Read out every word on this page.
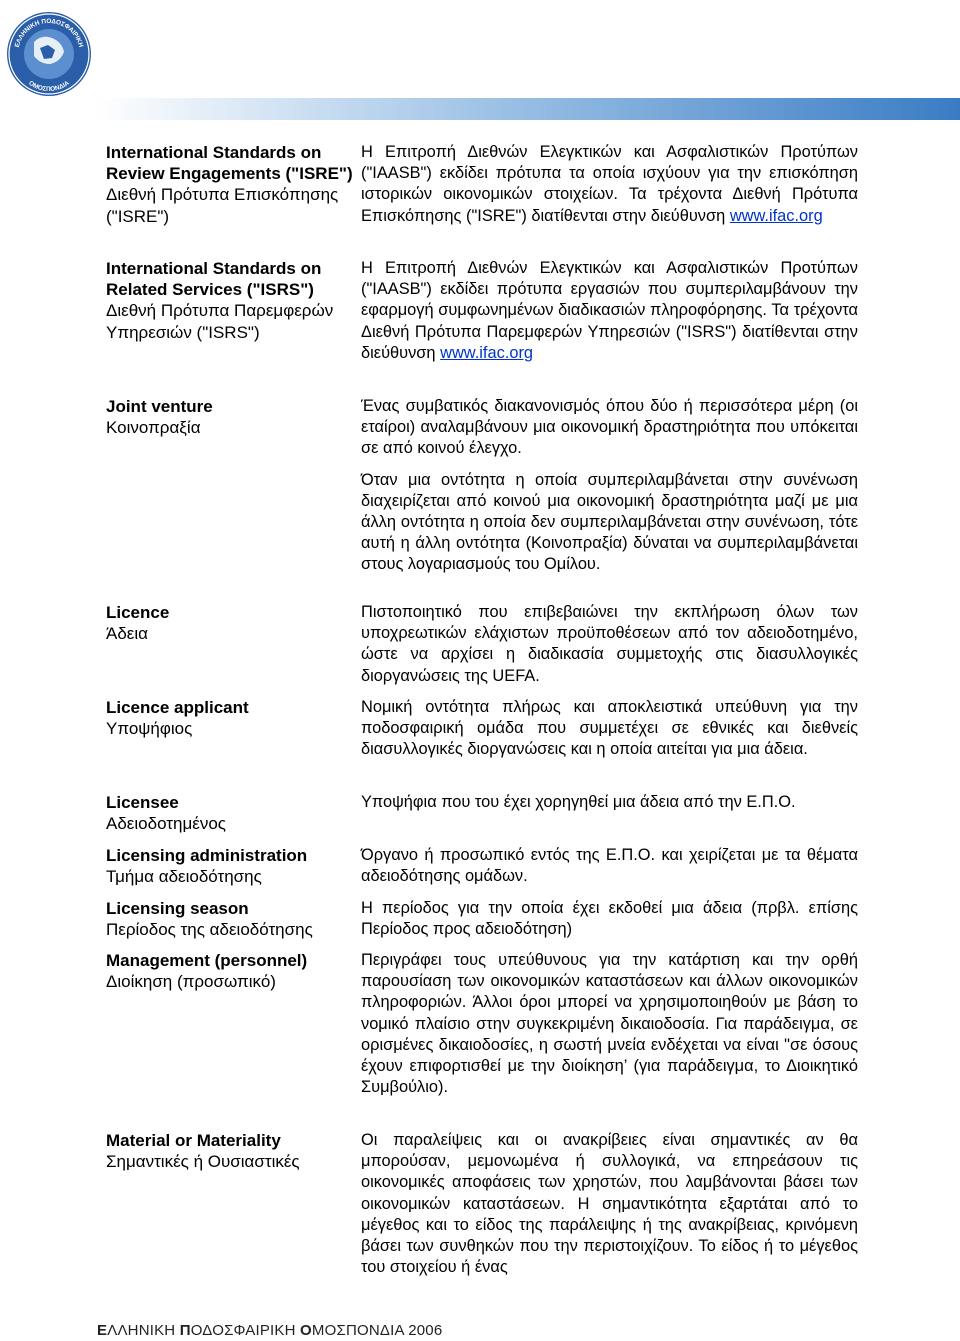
ΕΛΛΗΝΙΚΗ ΠΟΔΟΣΦΑΙΡΙΚΗ
ΟΜΟΣΠΟΝΔΙΑ
International Standards on Review Engagements ("ISRE")
Διεθνή Πρότυπα Επισκόπησης ("ISRE")

Η Επιτροπή Διεθνών Ελεγκτικών και Ασφαλιστικών Προτύπων ("IAASB") εκδίδει πρότυπα τα οποία ισχύουν για την επισκόπηση ιστορικών οικονομικών στοιχείων. Τα τρέχοντα Διεθνή Πρότυπα Επισκόπησης ("ISRE") διατίθενται στην διεύθυνση www.ifac.org

International Standards on Related Services ("ISRS")
Διεθνή Πρότυπα Παρεμφερών Υπηρεσιών ("ISRS")

Η Επιτροπή Διεθνών Ελεγκτικών και Ασφαλιστικών Προτύπων ("IAASB") εκδίδει πρότυπα εργασιών που συμπεριλαμβάνουν την εφαρμογή συμφωνημένων διαδικασιών πληροφόρησης. Τα τρέχοντα Διεθνή Πρότυπα Παρεμφερών Υπηρεσιών ("ISRS") διατίθενται στην διεύθυνση www.ifac.org

Joint venture
Κοινοπραξία

Ένας συμβατικός διακανονισμός όπου δύο ή περισσότερα μέρη (οι εταίροι) αναλαμβάνουν μια οικονομική δραστηριότητα που υπόκειται σε από κοινού έλεγχο.

Όταν μια οντότητα η οποία συμπεριλαμβάνεται στην συνένωση διαχειρίζεται από κοινού μια οικονομική δραστηριότητα μαζί με μια άλλη οντότητα η οποία δεν συμπεριλαμβάνεται στην συνένωση, τότε αυτή η άλλη οντότητα (Κοινοπραξία) δύναται να συμπεριλαμβάνεται στους λογαριασμούς του Ομίλου.

Licence
Άδεια

Πιστοποιητικό που επιβεβαιώνει την εκπλήρωση όλων των υποχρεωτικών ελάχιστων προϋποθέσεων από τον αδειοδοτημένο, ώστε να αρχίσει η διαδικασία συμμετοχής στις διασυλλογικές διοργανώσεις της UEFA.

Licence applicant
Υποψήφιος

Νομική οντότητα πλήρως και αποκλειστικά υπεύθυνη για την ποδοσφαιρική ομάδα που συμμετέχει σε εθνικές και διεθνείς διασυλλογικές διοργανώσεις και η οποία αιτείται για μια άδεια.

Licensee
Αδειοδοτημένος

Υποψήφια που του έχει χορηγηθεί μια άδεια από την Ε.Π.Ο.

Licensing administration
Τμήμα αδειοδότησης

Όργανο ή προσωπικό εντός της Ε.Π.Ο. και χειρίζεται με τα θέματα αδειοδότησης ομάδων.

Licensing season
Περίοδος της αδειοδότησης

Η περίοδος για την οποία έχει εκδοθεί μια άδεια (πρβλ. επίσης Περίοδος προς αδειοδότηση)

Management (personnel)
Διοίκηση (προσωπικό)

Περιγράφει τους υπεύθυνους για την κατάρτιση και την ορθή παρουσίαση των οικονομικών καταστάσεων και άλλων οικονομικών πληροφοριών. Άλλοι όροι μπορεί να χρησιμοποιηθούν με βάση το νομικό πλαίσιο στην συγκεκριμένη δικαιοδοσία. Για παράδειγμα, σε ορισμένες δικαιοδοσίες, η σωστή μνεία ενδέχεται να είναι "σε όσους έχουν επιφορτισθεί με την διοίκηση’ (για παράδειγμα, το Διοικητικό Συμβούλιο).

Material or Materiality
Σημαντικές ή Ουσιαστικές

Οι παραλείψεις και οι ανακρίβειες είναι σημαντικές αν θα μπορούσαν, μεμονωμένα ή συλλογικά, να επηρεάσουν τις οικονομικές αποφάσεις των χρηστών, που λαμβάνονται βάσει των οικονομικών καταστάσεων. Η σημαντικότητα εξαρτάται από το μέγεθος και το είδος της παράλειψης ή της ανακρίβειας, κρινόμενη βάσει των συνθηκών που την περιστοιχίζουν. Το είδος ή το μέγεθος του στοιχείου ή ένας

ΕΛΛΗΝΙΚΗ ΠΟΔΟΣΦΑΙΡΙΚΗ ΟΜΟΣΠΟΝΔΙΑ 2006
